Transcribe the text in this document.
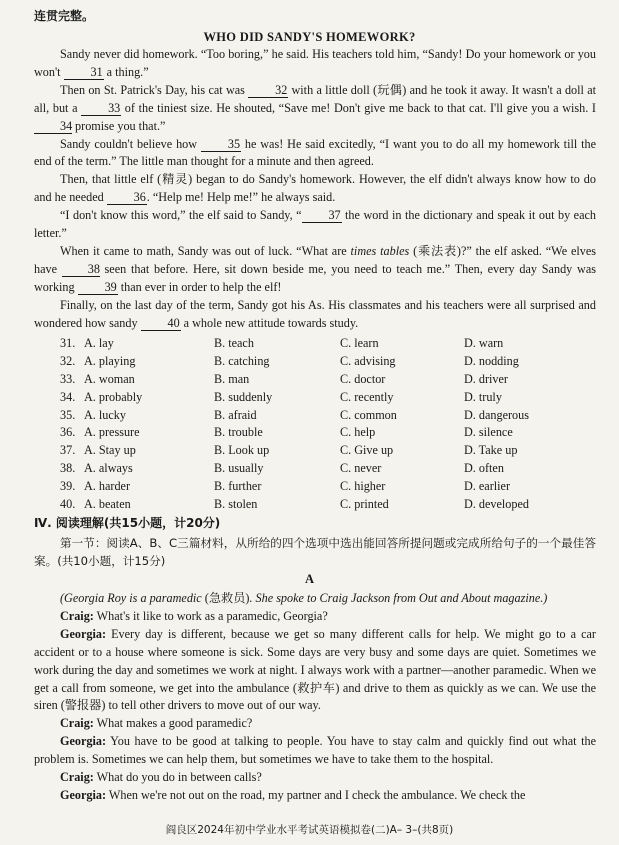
连贯完整。
WHO DID SANDY'S HOMEWORK?

Sandy never did homework. “Too boring,” he said. His teachers told him, “Sandy! Do your homework or you won't 31 a thing.”

Then on St. Patrick's Day, his cat was 32 with a little doll (玩偶) and he took it away. It wasn't a doll at all, but a 33 of the tiniest size. He shouted, “Save me! Don't give me back to that cat. I'll give you a wish. I 34 promise you that.”

Sandy couldn't believe how 35 he was! He said excitedly, “I want you to do all my homework till the end of the term.” The little man thought for a minute and then agreed.

Then, that little elf (精灵) began to do Sandy's homework. However, the elf didn't always know how to do and he needed 36. “Help me! Help me!” he always said.

“I don't know this word,” the elf said to Sandy, “ 37 the word in the dictionary and speak it out by each letter.”

When it came to math, Sandy was out of luck. “What are times tables (乘法表)?” the elf asked. “We elves have 38 seen that before. Here, sit down beside me, you need to teach me.” Then, every day Sandy was working 39 than ever in order to help the elf!

Finally, on the last day of the term, Sandy got his As. His classmates and his teachers were all surprised and wondered how sandy 40 a whole new attitude towards study.

31. A. lay	B. teach	C. learn	D. warn
32. A. playing	B. catching	C. advising	D. nodding
33. A. woman	B. man	C. doctor	D. driver
34. A. probably	B. suddenly	C. recently	D. truly
35. A. lucky	B. afraid	C. common	D. dangerous
36. A. pressure	B. trouble	C. help	D. silence
37. A. Stay up	B. Look up	C. Give up	D. Take up
38. A. always	B. usually	C. never	D. often
39. A. harder	B. further	C. higher	D. earlier
40. A. beaten	B. stolen	C. printed	D. developed
Ⅳ. 阅读理解(共15小题，计20分)
第一节：阅读A、B、C三篇材料，从所给的四个选项中选出能回答所提问题或完成所给句子的一个最佳答案。(共10小题，计15分)
A

(Georgia Roy is a paramedic (急救员). She spoke to Craig Jackson from Out and About magazine.)

Craig: What's it like to work as a paramedic, Georgia?

Georgia: Every day is different, because we get so many different calls for help. We might go to a car accident or to a house where someone is sick. Some days are very busy and some days are quiet. Sometimes we work during the day and sometimes we work at night. I always work with a partner—another paramedic. When we get a call from someone, we get into the ambulance (救护车) and drive to them as quickly as we can. We use the siren (警报器) to tell other drivers to move out of our way.

Craig: What makes a good paramedic?

Georgia: You have to be good at talking to people. You have to stay calm and quickly find out what the problem is. Sometimes we can help them, but sometimes we have to take them to the hospital.

Craig: What do you do in between calls?

Georgia: When we're not out on the road, my partner and I check the ambulance. We check the

阎良区2024年初中学业水平考试英语模拟卷(二)A– 3–(共8页)
